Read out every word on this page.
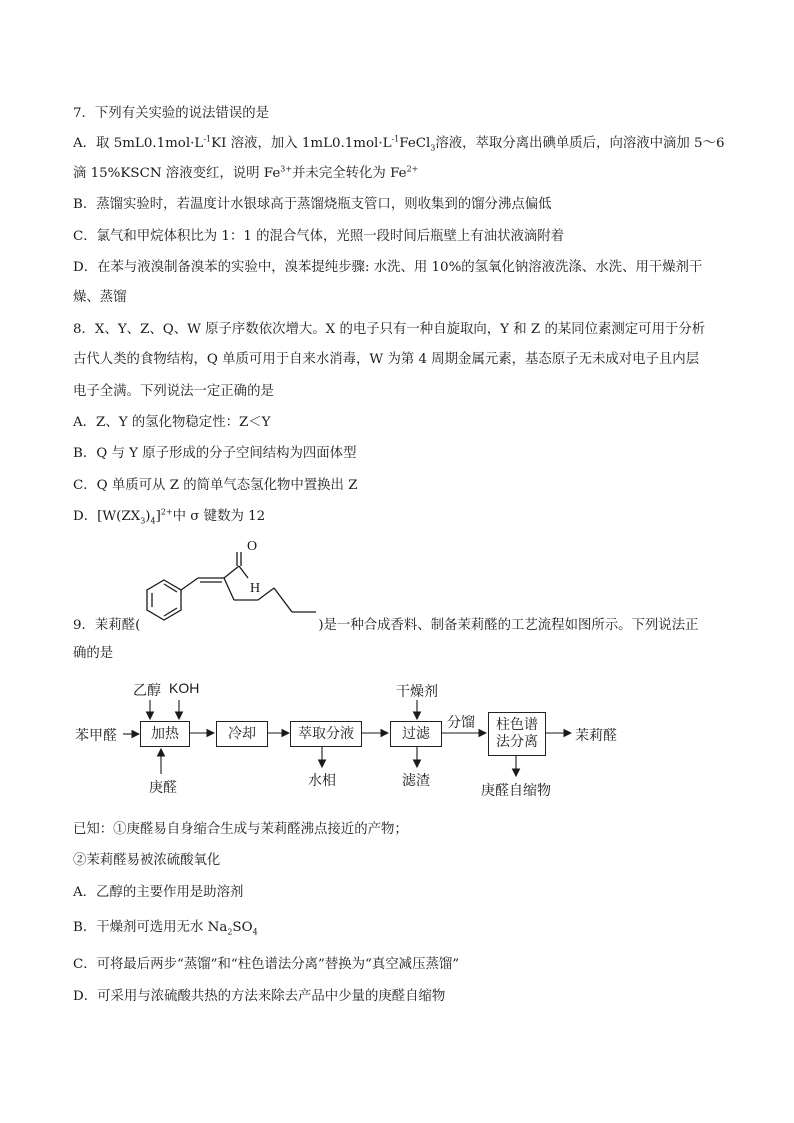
7．下列有关实验的说法错误的是
A．取 $5mL0.1mol\cdot L^{-1}KI$ 溶液，加入 $1mL0.1mol\cdot L^{-1}FeCl_3$溶液，萃取分离出碘单质后，向溶液中滴加 5～6
滴 15%KSCN 溶液变红，说明 $Fe^{3+}$并未完全转化为 $Fe^{2+}$
B．蒸馏实验时，若温度计水银球高于蒸馏烧瓶支管口，则收集到的馏分沸点偏低
C．氯气和甲烷体积比为 1：1 的混合气体，光照一段时间后瓶壁上有油状液滴附着
D．在苯与液溴制备溴苯的实验中，溴苯提纯步骤: 水洗、用 10%的氢氧化钠溶液洗涤、水洗、用干燥剂干
燥、蒸馏
8．X、Y、Z、Q、W 原子序数依次增大。X 的电子只有一种自旋取向，Y 和 Z 的某同位素测定可用于分析
古代人类的食物结构，Q 单质可用于自来水消毒，W 为第 4 周期金属元素，基态原子无未成对电子且内层
电子全满。下列说法一定正确的是
A．Z、Y 的氢化物稳定性：Z＜Y
B．Q 与 Y 原子形成的分子空间结构为四面体型
C．Q 单质可从 Z 的简单气态氢化物中置换出 Z
D．$[W(ZX_3)_4]^{2+}$中 σ 键数为 12
O
H
9．茉莉醛(	)是一种合成香料、制备茉莉醛的工艺流程如图所示。下列说法正
确的是
乙醇 KOH
苯甲醛	加热
庚醛
冷却	萃取分液
水相
干燥剂
过滤
滤渣
分馏 柱色谱
法分离
庚醛自缩物
茉莉醛
已知：①庚醛易自身缩合生成与茉莉醛沸点接近的产物；
②茉莉醛易被浓硫酸氧化
A．乙醇的主要作用是助溶剂
B．干燥剂可选用无水 $Na_2SO_4$
C．可将最后两步“蒸馏”和“柱色谱法分离”替换为“真空减压蒸馏”
D．可采用与浓硫酸共热的方法来除去产品中少量的庚醛自缩物
